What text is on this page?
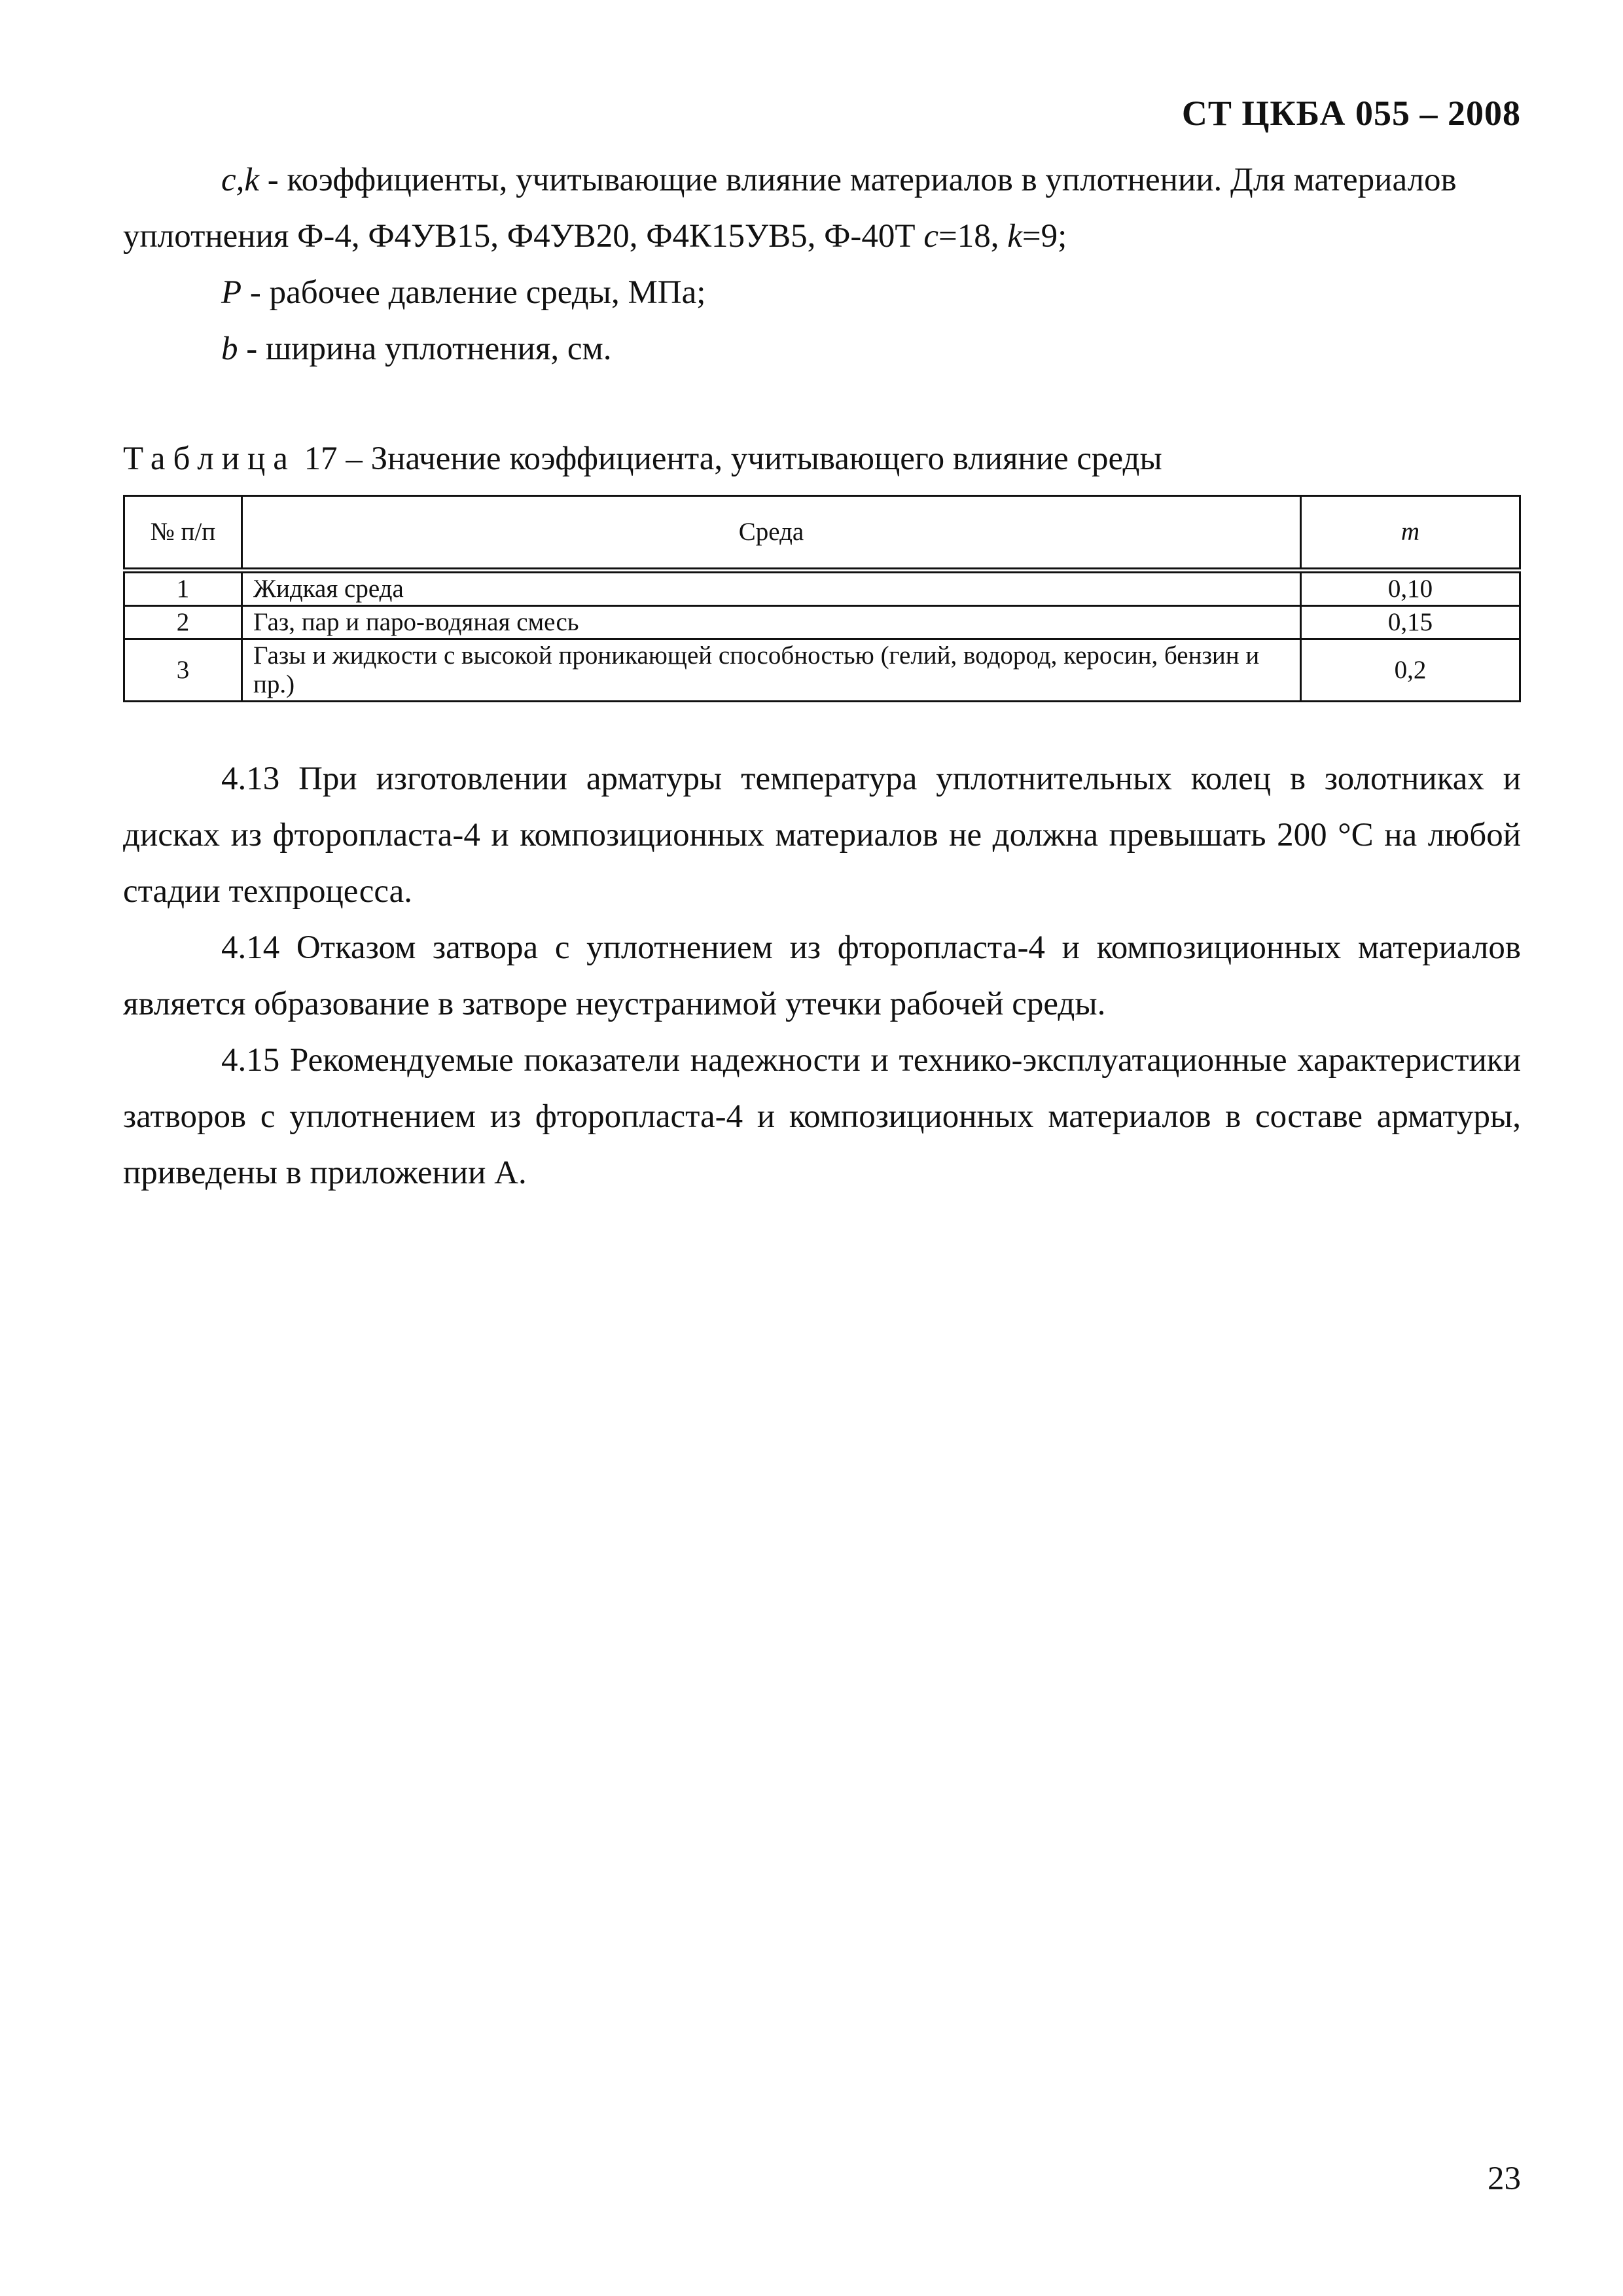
СТ ЦКБА 055 – 2008

c,k - коэффициенты, учитывающие влияние материалов в уплотнении. Для материалов

уплотнения Ф-4, Ф4УВ15, Ф4УВ20, Ф4К15УВ5, Ф-40Т c=18, k=9;

P - рабочее давление среды, МПа;

b - ширина уплотнения, см.

Таблица 17 – Значение коэффициента, учитывающего влияние среды
№ п/п	Среда	m
1	Жидкая среда	0,10
2	Газ, пар и паро-водяная смесь	0,15
3	Газы и жидкости с высокой проникающей способностью (гелий, водород, керосин, бензин и пр.)	0,2

4.13 При изготовлении арматуры температура уплотнительных колец в золотниках и дисках из фторопласта-4 и композиционных материалов не должна превышать 200 °С на любой стадии техпроцесса.

4.14 Отказом затвора с уплотнением из фторопласта-4 и композиционных материалов является образование в затворе неустранимой утечки рабочей среды.

4.15 Рекомендуемые показатели надежности и технико-эксплуатационные характеристики затворов с уплотнением из фторопласта-4 и композиционных материалов в составе арматуры, приведены в приложении А.

23
